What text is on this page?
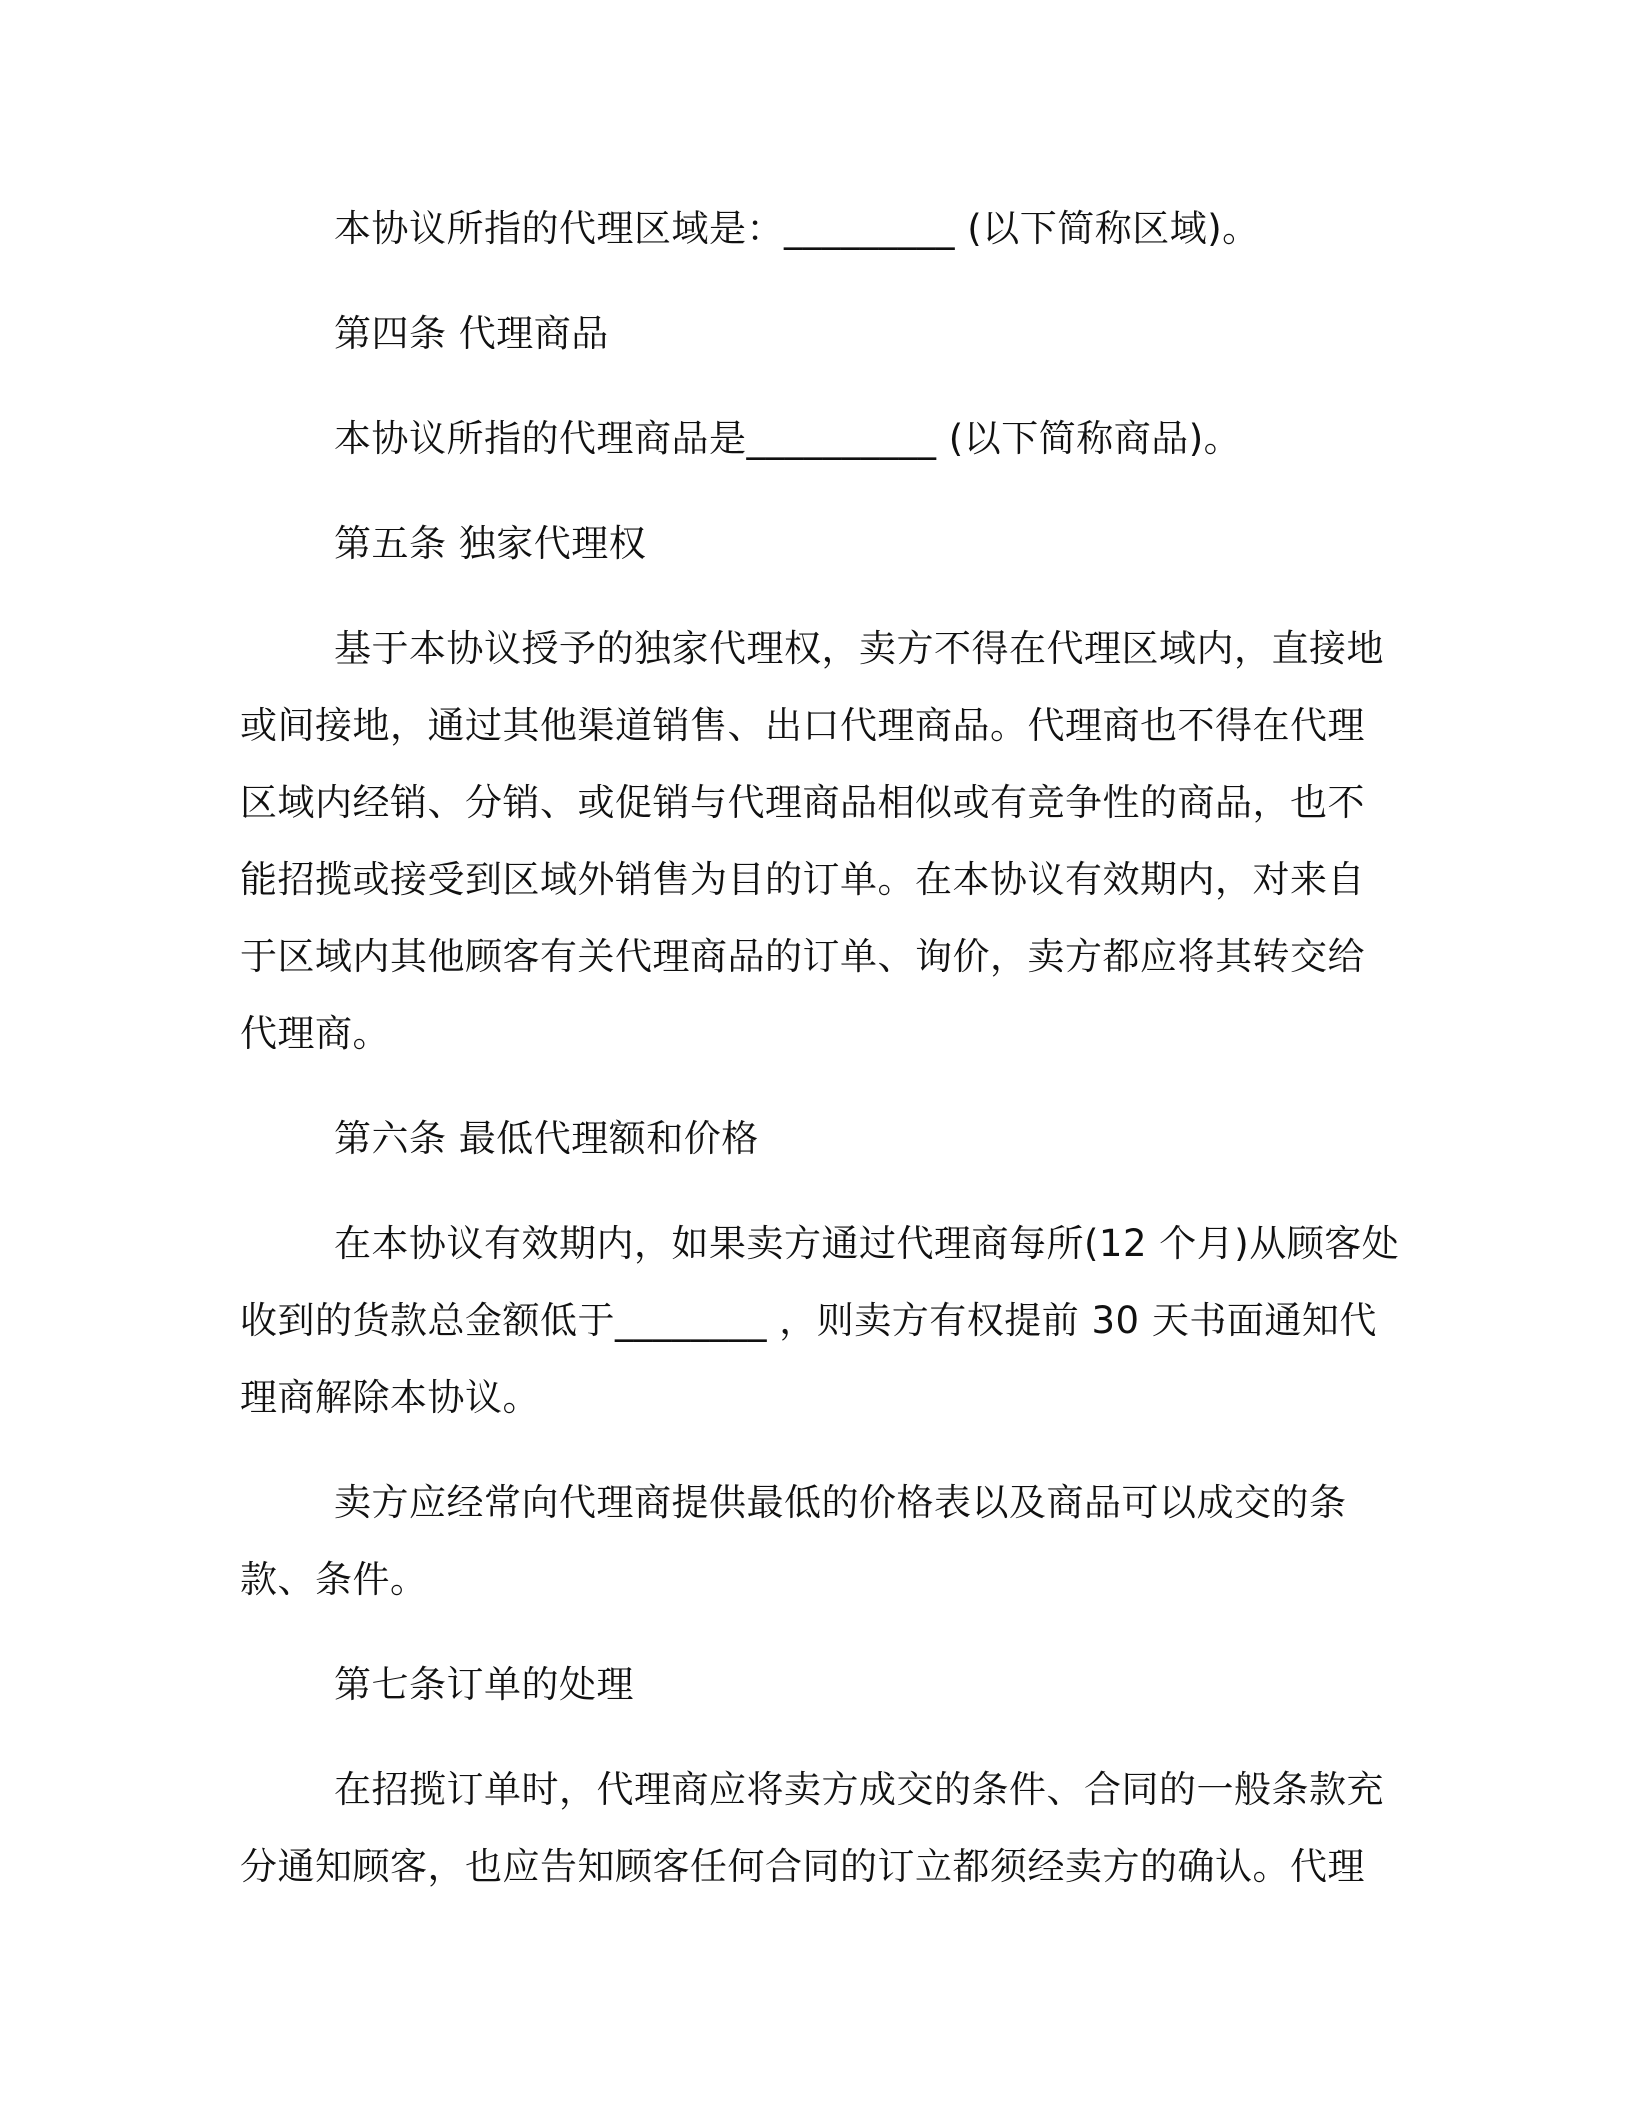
本协议所指的代理区域是：_________ (以下简称区域)。

第四条 代理商品

本协议所指的代理商品是__________ (以下简称商品)。

第五条 独家代理权

基于本协议授予的独家代理权，卖方不得在代理区域内，直接地或间接地，通过其他渠道销售、出口代理商品。代理商也不得在代理区域内经销、分销、或促销与代理商品相似或有竞争性的商品，也不能招揽或接受到区域外销售为目的订单。在本协议有效期内，对来自于区域内其他顾客有关代理商品的订单、询价，卖方都应将其转交给代理商。

第六条 最低代理额和价格

在本协议有效期内，如果卖方通过代理商每所(12 个月)从顾客处收到的货款总金额低于________ ，则卖方有权提前 30 天书面通知代理商解除本协议。

卖方应经常向代理商提供最低的价格表以及商品可以成交的条款、条件。

第七条订单的处理

在招揽订单时，代理商应将卖方成交的条件、合同的一般条款充分通知顾客，也应告知顾客任何合同的订立都须经卖方的确认。代理
